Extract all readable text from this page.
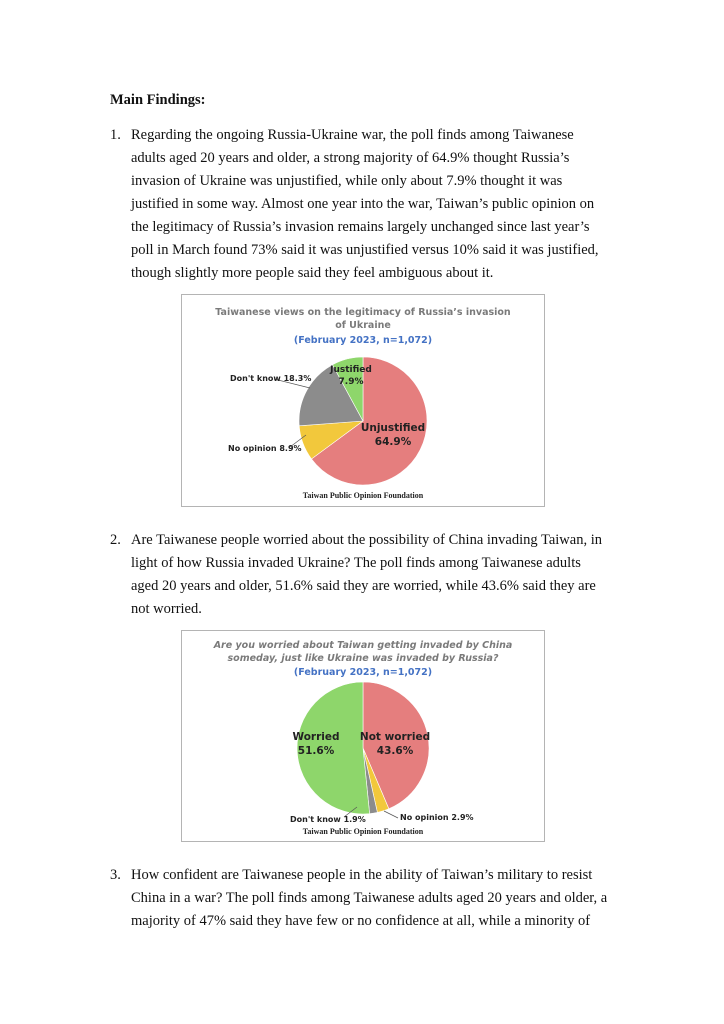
Main Findings:
1. Regarding the ongoing Russia-Ukraine war, the poll finds among Taiwanese
adults aged 20 years and older, a strong majority of 64.9% thought Russia’s
invasion of Ukraine was unjustified, while only about 7.9% thought it was
justified in some way. Almost one year into the war, Taiwan’s public opinion on
the legitimacy of Russia’s invasion remains largely unchanged since last year’s
poll in March found 73% said it was unjustified versus 10% said it was justified,
though slightly more people said they feel ambiguous about it.
Taiwanese views on the legitimacy of Russia’s invasion
of Ukraine
(February 2023, n=1,072)
Justified
7.9%
Don't know 18.3%
No opinion 8.9%
Unjustified
64.9%
Taiwan Public Opinion Foundation
2. Are Taiwanese people worried about the possibility of China invading Taiwan, in
light of how Russia invaded Ukraine? The poll finds among Taiwanese adults
aged 20 years and older, 51.6% said they are worried, while 43.6% said they are
not worried.
Are you worried about Taiwan getting invaded by China
someday, just like Ukraine was invaded by Russia?
(February 2023, n=1,072)
Worried
51.6%
Not worried
43.6%
No opinion 2.9%
Don't know 1.9%
Taiwan Public Opinion Foundation
3. How confident are Taiwanese people in the ability of Taiwan’s military to resist
China in a war? The poll finds among Taiwanese adults aged 20 years and older, a
majority of 47% said they have few or no confidence at all, while a minority of
